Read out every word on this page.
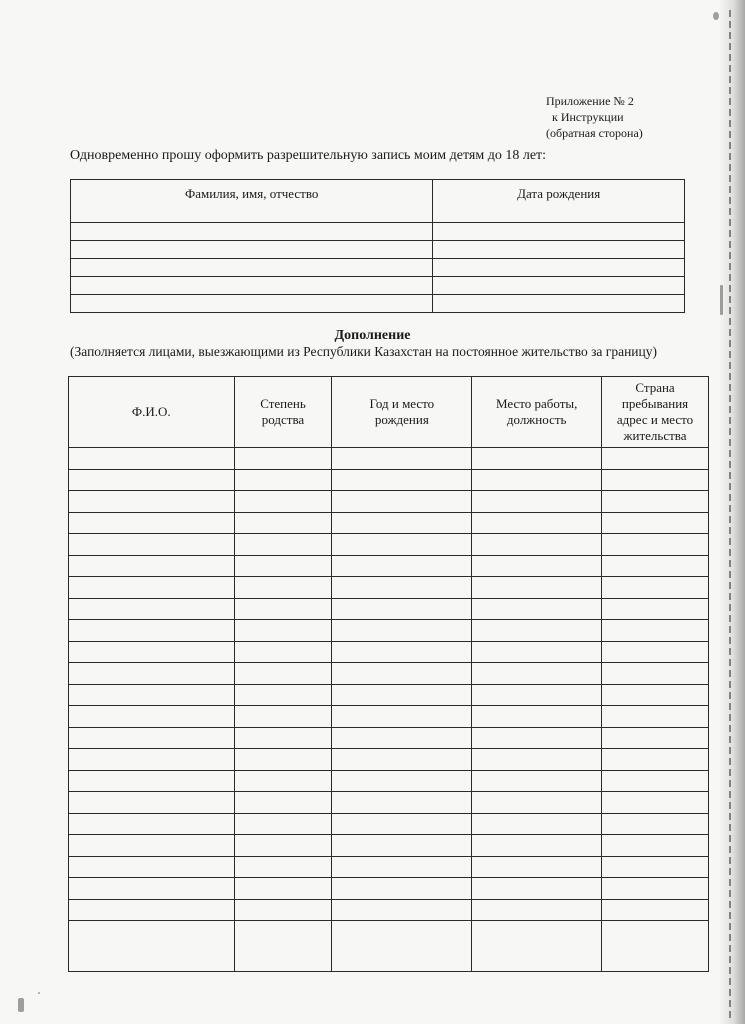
Приложение № 2
к Инструкции
(обратная сторона)
Одновременно прошу оформить разрешительную запись моим детям до 18 лет:
Фамилия, имя, отчество	Дата рождения

Дополнение
(Заполняется лицами, выезжающими из Республики Казахстан на постоянное жительство за границу)
Ф.И.О.	Степень родства	Год и место рождения	Место работы, должность	Страна пребывания адрес и место жительства
